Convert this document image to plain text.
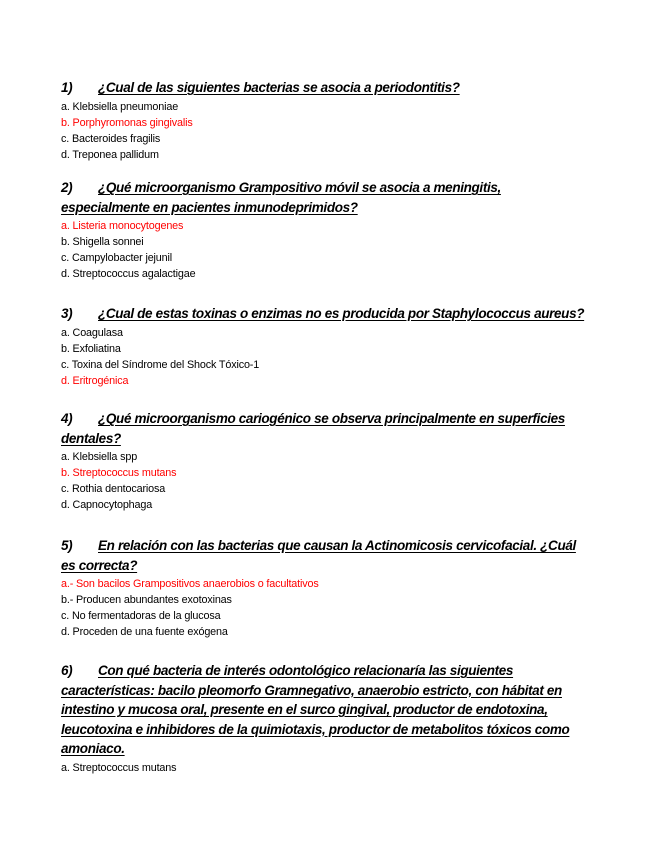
1)	¿Cual de las siguientes bacterias se asocia a periodontitis?
a. Klebsiella pneumoniae
b. Porphyromonas gingivalis
c. Bacteroides fragilis
d. Treponea pallidum
2)	¿Qué microorganismo Grampositivo móvil se asocia a meningitis, especialmente en pacientes inmunodeprimidos?
a. Listeria monocytogenes
b. Shigella sonnei
c. Campylobacter jejunil
d. Streptococcus agalactigae
3)	¿Cual de estas toxinas o enzimas no es producida por Staphylococcus aureus?
a. Coagulasa
b. Exfoliatina
c. Toxina del Síndrome del Shock Tóxico-1
d. Eritrogénica
4)	¿Qué microorganismo cariogénico se observa principalmente en superficies dentales?
a. Klebsiella spp
b. Streptococcus mutans
c. Rothia dentocariosa
d. Capnocytophaga
5)	En relación con las bacterias que causan la Actinomicosis cervicofacial. ¿Cuál es correcta?
a.- Son bacilos Grampositivos anaerobios o facultativos
b.- Producen abundantes exotoxinas
c. No fermentadoras de la glucosa
d. Proceden de una fuente exógena
6)	Con qué bacteria de interés odontológico relacionaría las siguientes características: bacilo pleomorfo Gramnegativo, anaerobio estricto, con hábitat en intestino y mucosa oral, presente en el surco gingival, productor de endotoxina, leucotoxina e inhibidores de la quimiotaxis, productor de metabolitos tóxicos como amoniaco.
a. Streptococcus mutans
